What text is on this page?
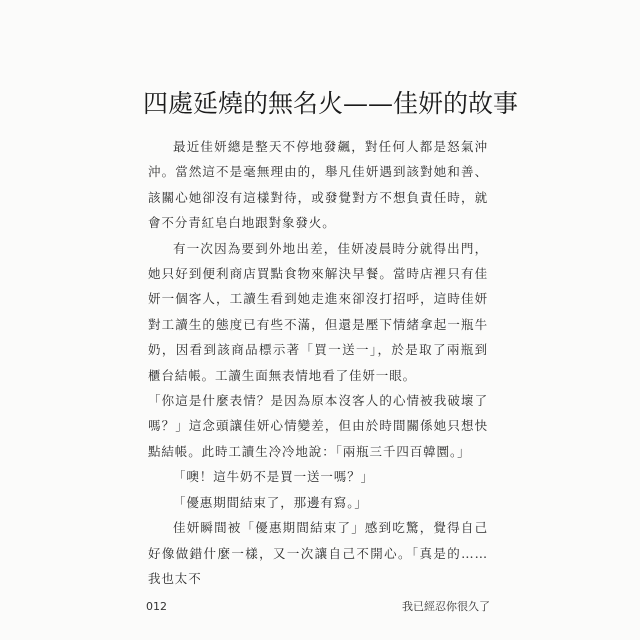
四處延燒的無名火——佳妍的故事

最近佳妍總是整天不停地發飆，對任何人都是怒氣沖沖。當然這不是毫無理由的，舉凡佳妍遇到該對她和善、該關心她卻沒有這樣對待，或發覺對方不想負責任時，就會不分青紅皂白地跟對象發火。

有一次因為要到外地出差，佳妍凌晨時分就得出門，她只好到便利商店買點食物來解決早餐。當時店裡只有佳妍一個客人，工讀生看到她走進來卻沒打招呼，這時佳妍對工讀生的態度已有些不滿，但還是壓下情緒拿起一瓶牛奶，因看到該商品標示著「買一送一」，於是取了兩瓶到櫃台結帳。工讀生面無表情地看了佳妍一眼。

「你這是什麼表情？是因為原本沒客人的心情被我破壞了嗎？」這念頭讓佳妍心情變差，但由於時間關係她只想快點結帳。此時工讀生冷冷地說：「兩瓶三千四百韓圜。」

「噢！這牛奶不是買一送一嗎？」

「優惠期間結束了，那邊有寫。」

佳妍瞬間被「優惠期間結束了」感到吃驚，覺得自己好像做錯什麼一樣，又一次讓自己不開心。「真是的……我也太不

012	我已經忍你很久了
